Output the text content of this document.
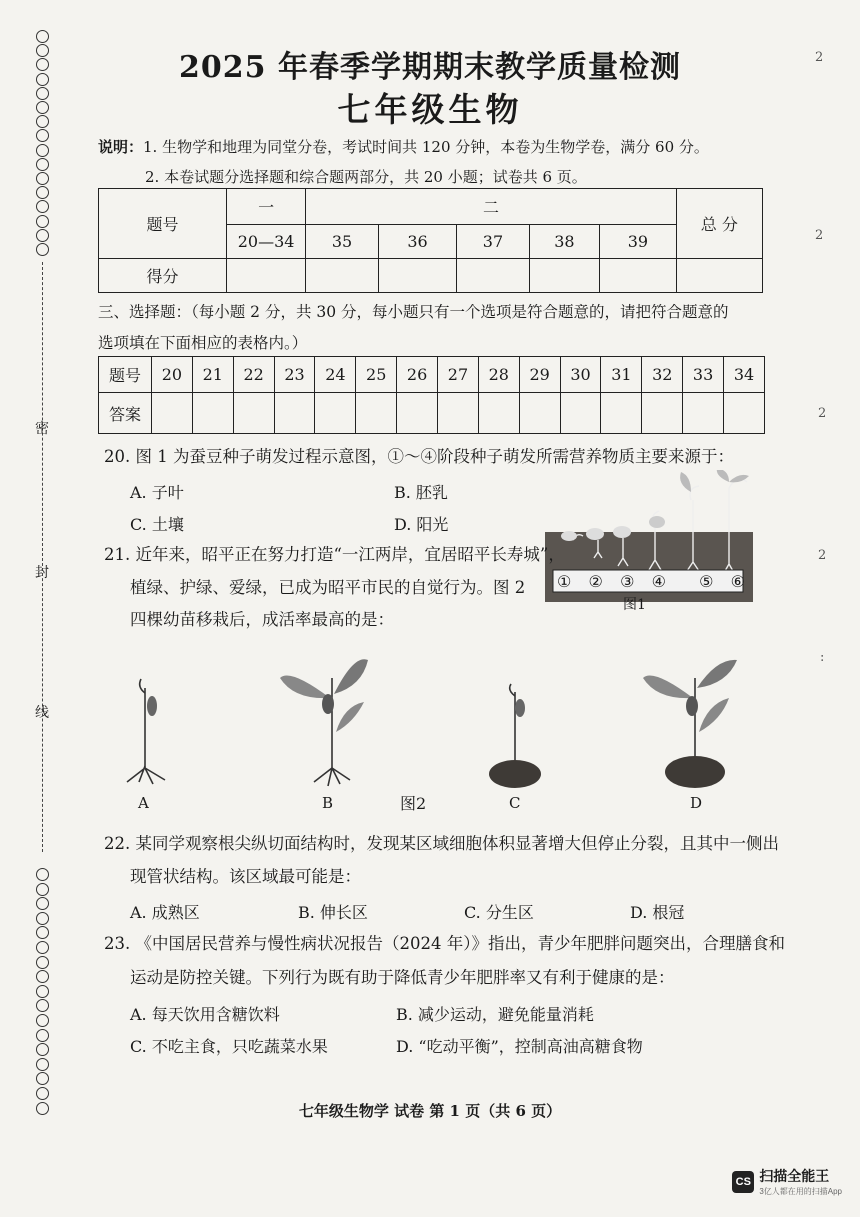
密
封
线
2
2
2
2
:
2025 年春季学期期末教学质量检测
七年级生物
说明：1. 生物学和地理为同堂分卷，考试时间共 120 分钟，本卷为生物学卷，满分 60 分。
2. 本卷试题分选择题和综合题两部分，共 20 小题；试卷共 6 页。
题号	一	二					总 分
	20—34	35	36	37	38	39	
得分							
三、选择题：（每小题 2 分，共 30 分，每小题只有一个选项是符合题意的，请把符合题意的
选项填在下面相应的表格内。）
题号	20	21	22	23	24	25	26	27	28	29	30	31	32	33	34
答案															
20. 图 1 为蚕豆种子萌发过程示意图，①～④阶段种子萌发所需营养物质主要来源于：
A. 子叶	B. 胚乳
C. 土壤	D. 阳光
① ② ③ ④ ⑤ ⑥
图1
21. 近年来，昭平正在努力打造“一江两岸，宜居昭平长寿城”，
植绿、护绿、爱绿，已成为昭平市民的自觉行为。图 2
四棵幼苗移栽后，成活率最高的是：
A	B	图2	C	D
22. 某同学观察根尖纵切面结构时，发现某区域细胞体积显著增大但停止分裂，且其中一侧出
现管状结构。该区域最可能是：
A. 成熟区	B. 伸长区	C. 分生区	D. 根冠
23. 《中国居民营养与慢性病状况报告（2024 年）》指出，青少年肥胖问题突出，合理膳食和
运动是防控关键。下列行为既有助于降低青少年肥胖率又有利于健康的是：
A. 每天饮用含糖饮料	B. 减少运动，避免能量消耗
C. 不吃主食，只吃蔬菜水果	D. “吃动平衡”，控制高油高糖食物
七年级生物学 试卷 第 1 页（共 6 页）
CS 扫描全能王
3亿人都在用的扫描App
